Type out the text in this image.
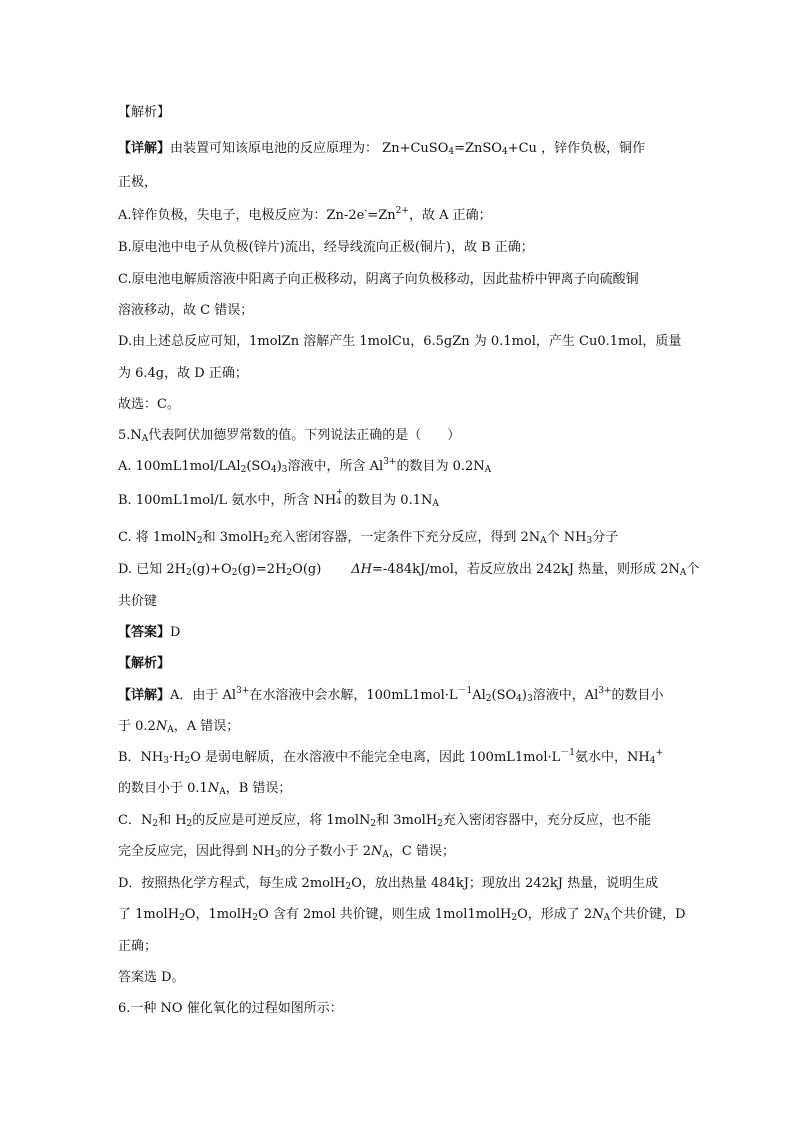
【解析】
【详解】由装置可知该原电池的反应原理为： Zn+CuSO$_4$=ZnSO$_4$+Cu ，锌作负极，铜作
正极，
A.锌作负极，失电子，电极反应为：$Zn-2e^-=Zn^{2+}$，故 A 正确；
B.原电池中电子从负极(锌片)流出，经导线流向正极(铜片)，故 B 正确；
C.原电池电解质溶液中阳离子向正极移动，阴离子向负极移动，因此盐桥中钾离子向硫酸铜
溶液移动，故 C 错误；
D.由上述总反应可知，1molZn 溶解产生 1molCu，6.5gZn 为 0.1mol，产生 Cu0.1mol，质量
为 6.4g，故 D 正确；
故选：C。
$5.N_A$代表阿伏加德罗常数的值。下列说法正确的是（　　）
A. $100mL1mol/LAl_2(SO_4)_3$溶液中，所含 $Al^{3+}$的数目为 $0.2N_A$
B. 100mL1mol/L 氨水中，所含 NH
+
4 的数目为 $0.1N_A$
C. 将 1molN$_2$和 3molH$_2$充入密闭容器，一定条件下充分反应，得到 $2N_A$个 $NH_3$分子
D. 已知 $2H_2(g)+O_2(g)=2H_2O(g)$ ΔH=-484kJ/mol，若反应放出 242kJ 热量，则形成 $2N_A$个
共价键
【答案】D
【解析】
【详解】A．由于 $Al^{3+}$在水溶液中会水解，$100mL1mol\cdot L^{-1}Al_2(SO_4)_3$溶液中，$Al^{3+}$的数目小
于 $0.2N_A$，A 错误；
B．$NH_3\cdot H_2O$ 是弱电解质，在水溶液中不能完全电离，因此 $100mL1mol\cdot L^{-1}$氨水中，$NH_4^+$
的数目小于 $0.1N_A$，B 错误；
C．$N_2$和 $H_2$的反应是可逆反应，将 1molN$_2$和 3molH$_2$充入密闭容器中，充分反应，也不能
完全反应完，因此得到 $NH_3$的分子数小于 $2N_A$，C 错误；
D．按照热化学方程式，每生成 2molH$_2$O，放出热量 484kJ；现放出 242kJ 热量，说明生成
了 1molH$_2$O，1molH$_2$O 含有 2mol 共价键，则生成 1mol1molH$_2$O，形成了 $2N_A$个共价键，D
正确；
答案选 D。
6.一种 NO 催化氧化的过程如图所示：
